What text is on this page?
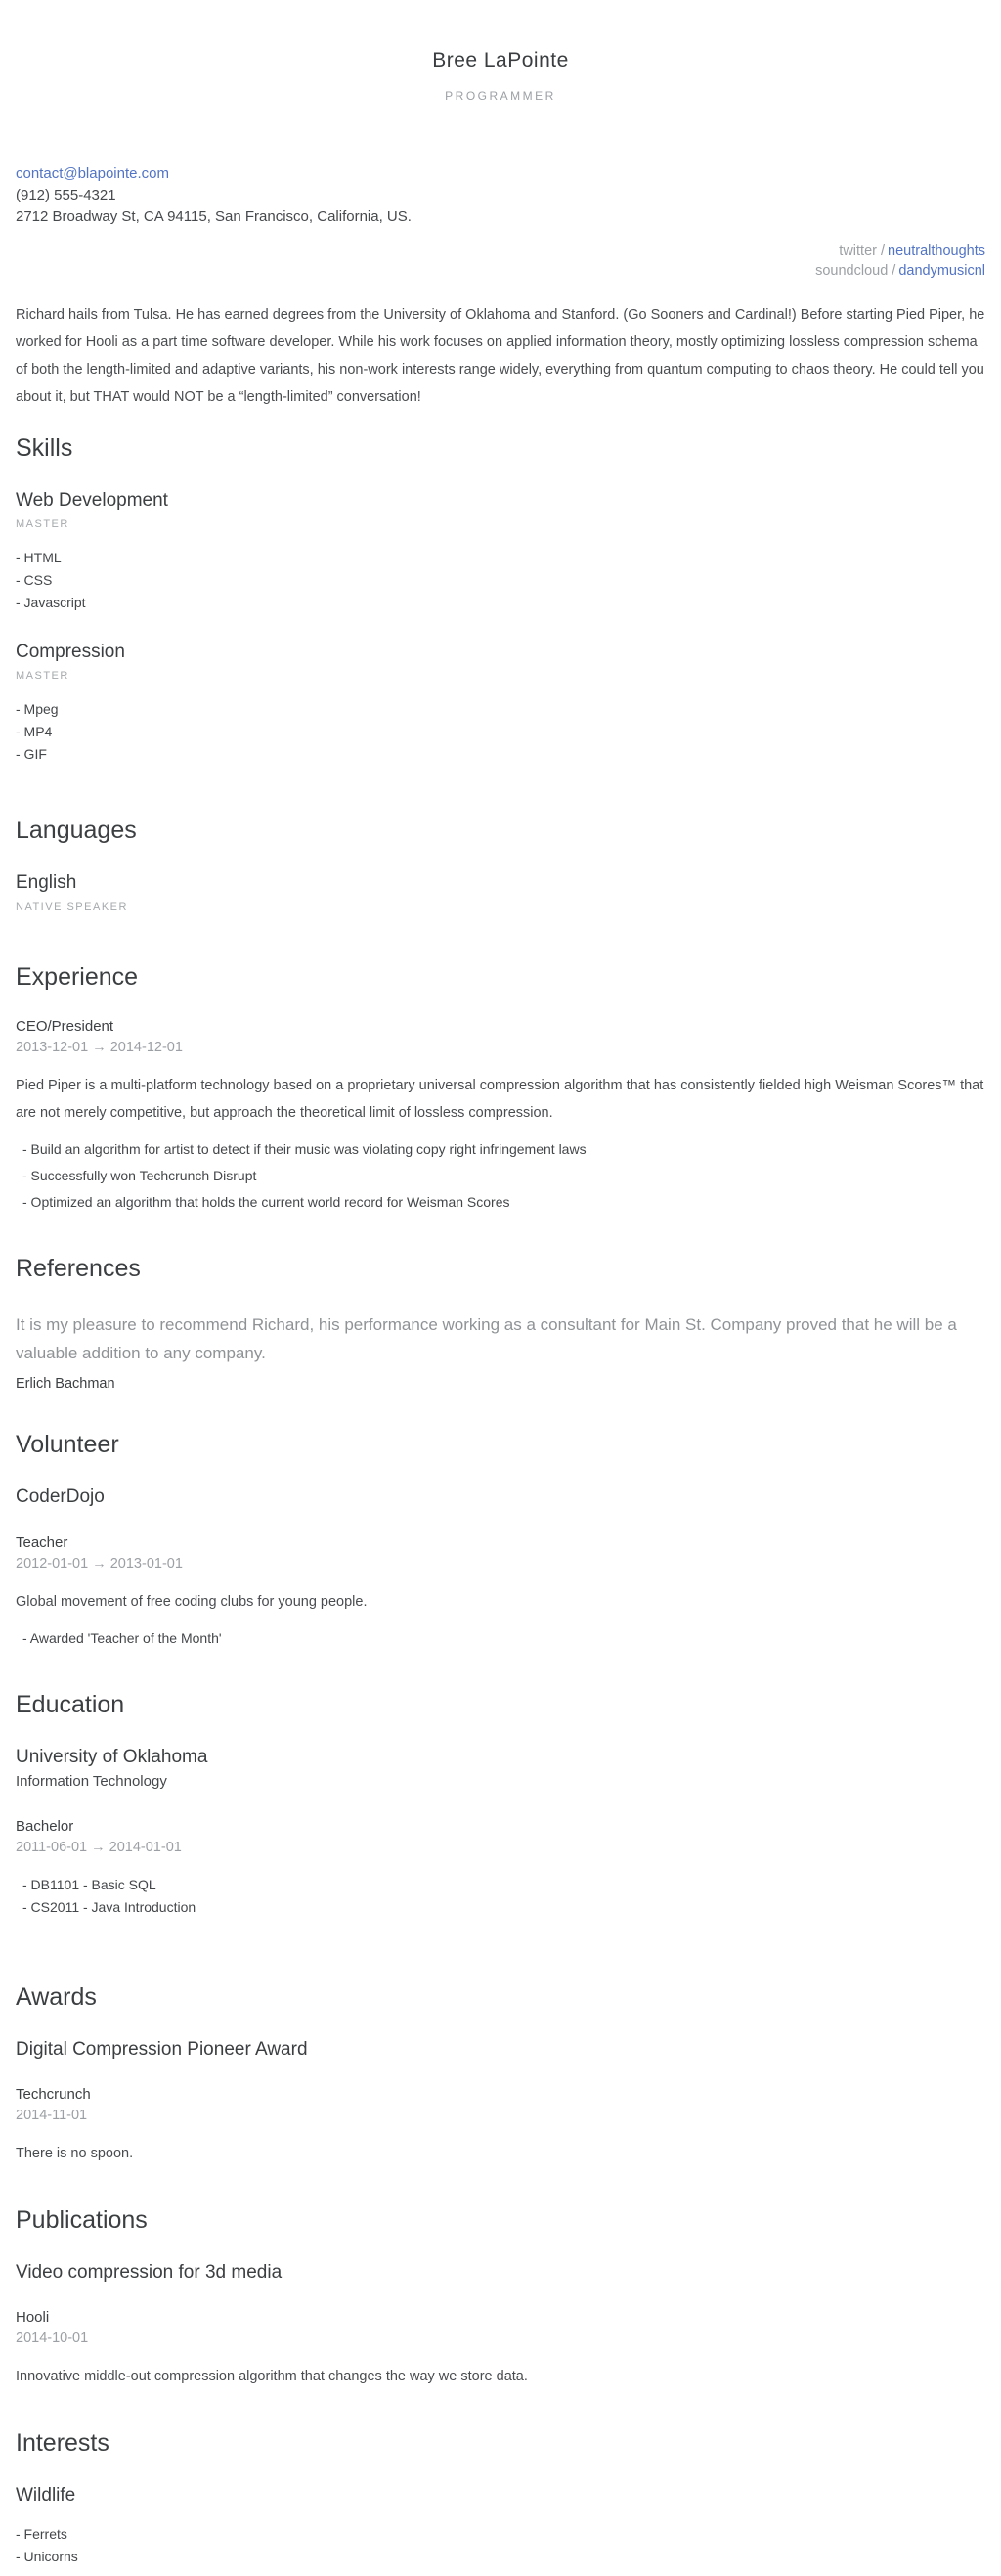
Bree LaPointe
PROGRAMMER
contact@blapointe.com
(912) 555-4321
2712 Broadway St, CA 94115, San Francisco, California, US.
twitter / neutralthoughts
soundcloud / dandymusicnl

Richard hails from Tulsa. He has earned degrees from the University of Oklahoma and Stanford. (Go Sooners and Cardinal!) Before starting Pied Piper, he worked for Hooli as a part time software developer. While his work focuses on applied information theory, mostly optimizing lossless compression schema of both the length-limited and adaptive variants, his non-work interests range widely, everything from quantum computing to chaos theory. He could tell you about it, but THAT would NOT be a “length-limited” conversation!

Skills
Web Development
MASTER
- HTML
- CSS
- Javascript
Compression
MASTER
- Mpeg
- MP4
- GIF
Languages
English
NATIVE SPEAKER
Experience
CEO/President
2013-12-01 → 2014-12-01

Pied Piper is a multi-platform technology based on a proprietary universal compression algorithm that has consistently fielded high Weisman Scores™ that are not merely competitive, but approach the theoretical limit of lossless compression.

- Build an algorithm for artist to detect if their music was violating copy right infringement laws
- Successfully won Techcrunch Disrupt
- Optimized an algorithm that holds the current world record for Weisman Scores
References

It is my pleasure to recommend Richard, his performance working as a consultant for Main St. Company proved that he will be a valuable addition to any company.

Erlich Bachman
Volunteer
CoderDojo
Teacher
2012-01-01 → 2013-01-01

Global movement of free coding clubs for young people.

- Awarded 'Teacher of the Month'
Education
University of Oklahoma
Information Technology
Bachelor
2011-06-01 → 2014-01-01
- DB1101 - Basic SQL
- CS2011 - Java Introduction
Awards
Digital Compression Pioneer Award
Techcrunch
2014-11-01

There is no spoon.

Publications
Video compression for 3d media
Hooli
2014-10-01

Innovative middle-out compression algorithm that changes the way we store data.

Interests
Wildlife
- Ferrets
- Unicorns
